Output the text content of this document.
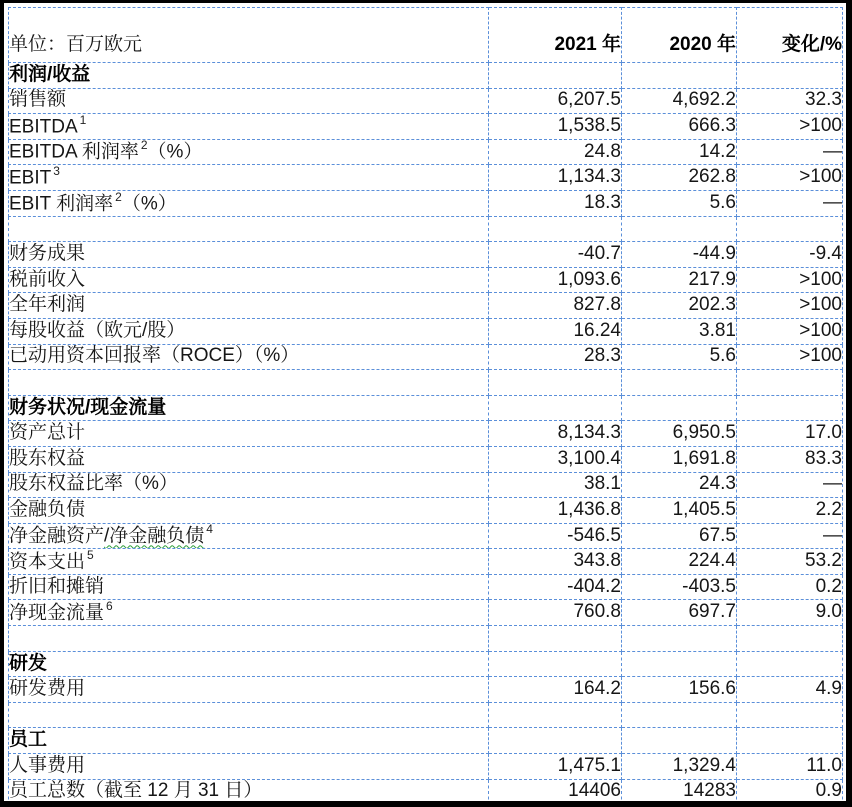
单位：百万欧元	2021 年	2020 年	变化/%
利润/收益			
销售额	6,207.5	4,692.2	32.3
EBITDA $^1$	1,538.5	666.3	>100
EBITDA 利润率 $^2$（%）	24.8	14.2	—
EBIT $^3$	1,134.3	262.8	>100
EBIT 利润率 $^2$（%）	18.3	5.6	—

财务成果	-40.7	-44.9	-9.4
税前收入	1,093.6	217.9	>100
全年利润	827.8	202.3	>100
每股收益（欧元/股）	16.24	3.81	>100
已动用资本回报率（ROCE）（%）	28.3	5.6	>100

财务状况/现金流量			
资产总计	8,134.3	6,950.5	17.0
股东权益	3,100.4	1,691.8	83.3
股东权益比率（%）	38.1	24.3	—
金融负债	1,436.8	1,405.5	2.2
净金融资产/净金融负债 $^4$	-546.5	67.5	—
资本支出 $^5$	343.8	224.4	53.2
折旧和摊销	-404.2	-403.5	0.2
净现金流量 $^6$	760.8	697.7	9.0

研发			
研发费用	164.2	156.6	4.9

员工			
人事费用	1,475.1	1,329.4	11.0
员工总数（截至 12 月 31 日）	14406	14283	0.9
